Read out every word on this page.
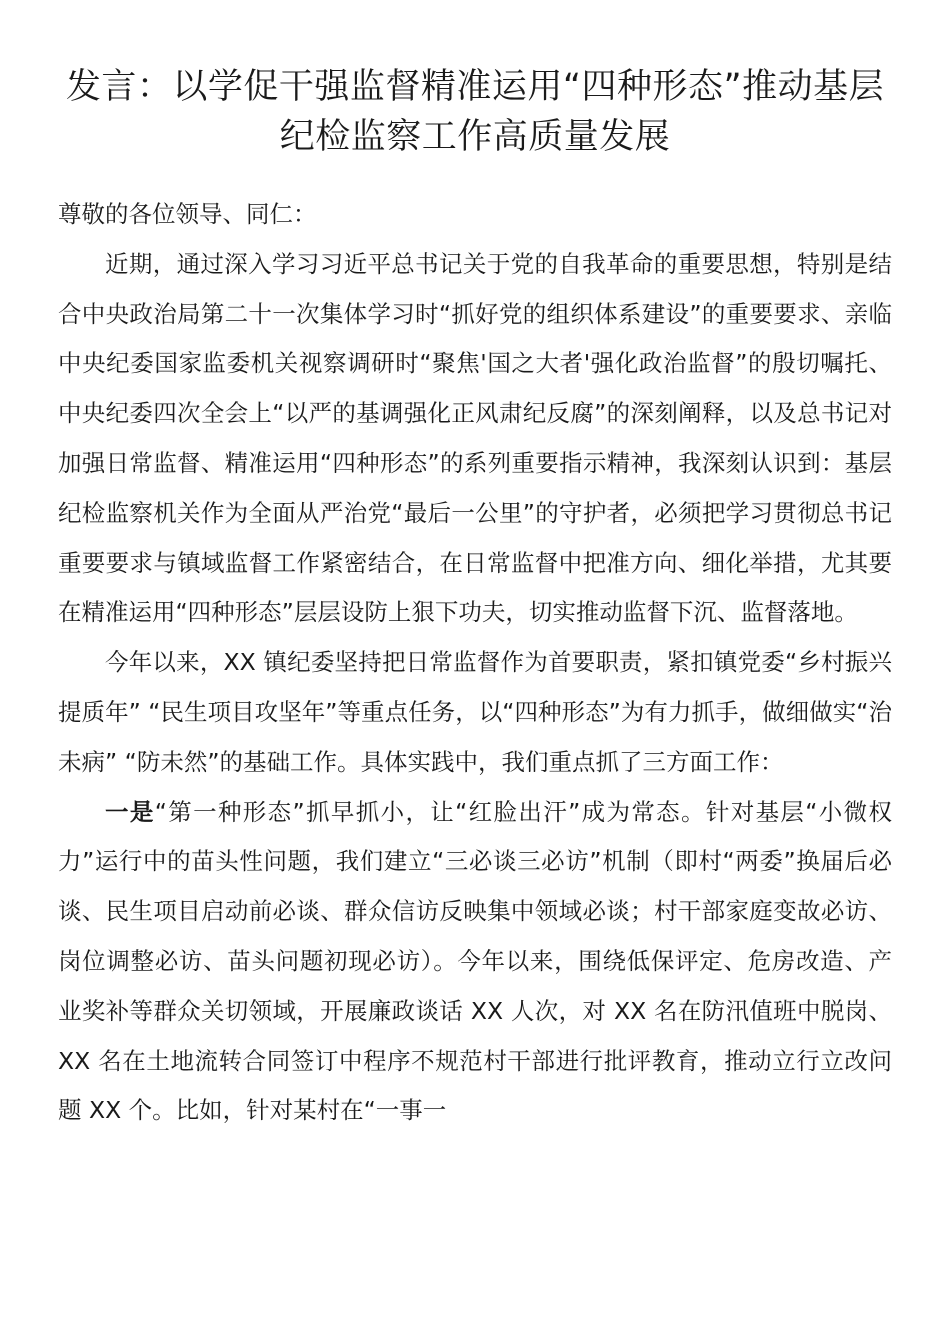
发言：以学促干强监督精准运用“四种形态”推动基层纪检监察工作高质量发展

尊敬的各位领导、同仁：

近期，通过深入学习习近平总书记关于党的自我革命的重要思想，特别是结合中央政治局第二十一次集体学习时“抓好党的组织体系建设”的重要要求、亲临中央纪委国家监委机关视察调研时“聚焦'国之大者'强化政治监督”的殷切嘱托、中央纪委四次全会上“以严的基调强化正风肃纪反腐”的深刻阐释，以及总书记对加强日常监督、精准运用“四种形态”的系列重要指示精神，我深刻认识到：基层纪检监察机关作为全面从严治党“最后一公里”的守护者，必须把学习贯彻总书记重要要求与镇域监督工作紧密结合，在日常监督中把准方向、细化举措，尤其要在精准运用“四种形态”层层设防上狠下功夫，切实推动监督下沉、监督落地。

今年以来，XX 镇纪委坚持把日常监督作为首要职责，紧扣镇党委“乡村振兴提质年” “民生项目攻坚年”等重点任务，以“四种形态”为有力抓手，做细做实“治未病” “防未然”的基础工作。具体实践中，我们重点抓了三方面工作：

一是“第一种形态”抓早抓小，让“红脸出汗”成为常态。针对基层“小微权力”运行中的苗头性问题，我们建立“三必谈三必访”机制（即村“两委”换届后必谈、民生项目启动前必谈、群众信访反映集中领域必谈；村干部家庭变故必访、岗位调整必访、苗头问题初现必访）。今年以来，围绕低保评定、危房改造、产业奖补等群众关切领域，开展廉政谈话 XX 人次，对 XX 名在防汛值班中脱岗、XX 名在土地流转合同签订中程序不规范村干部进行批评教育，推动立行立改问题 XX 个。比如，针对某村在“一事一
